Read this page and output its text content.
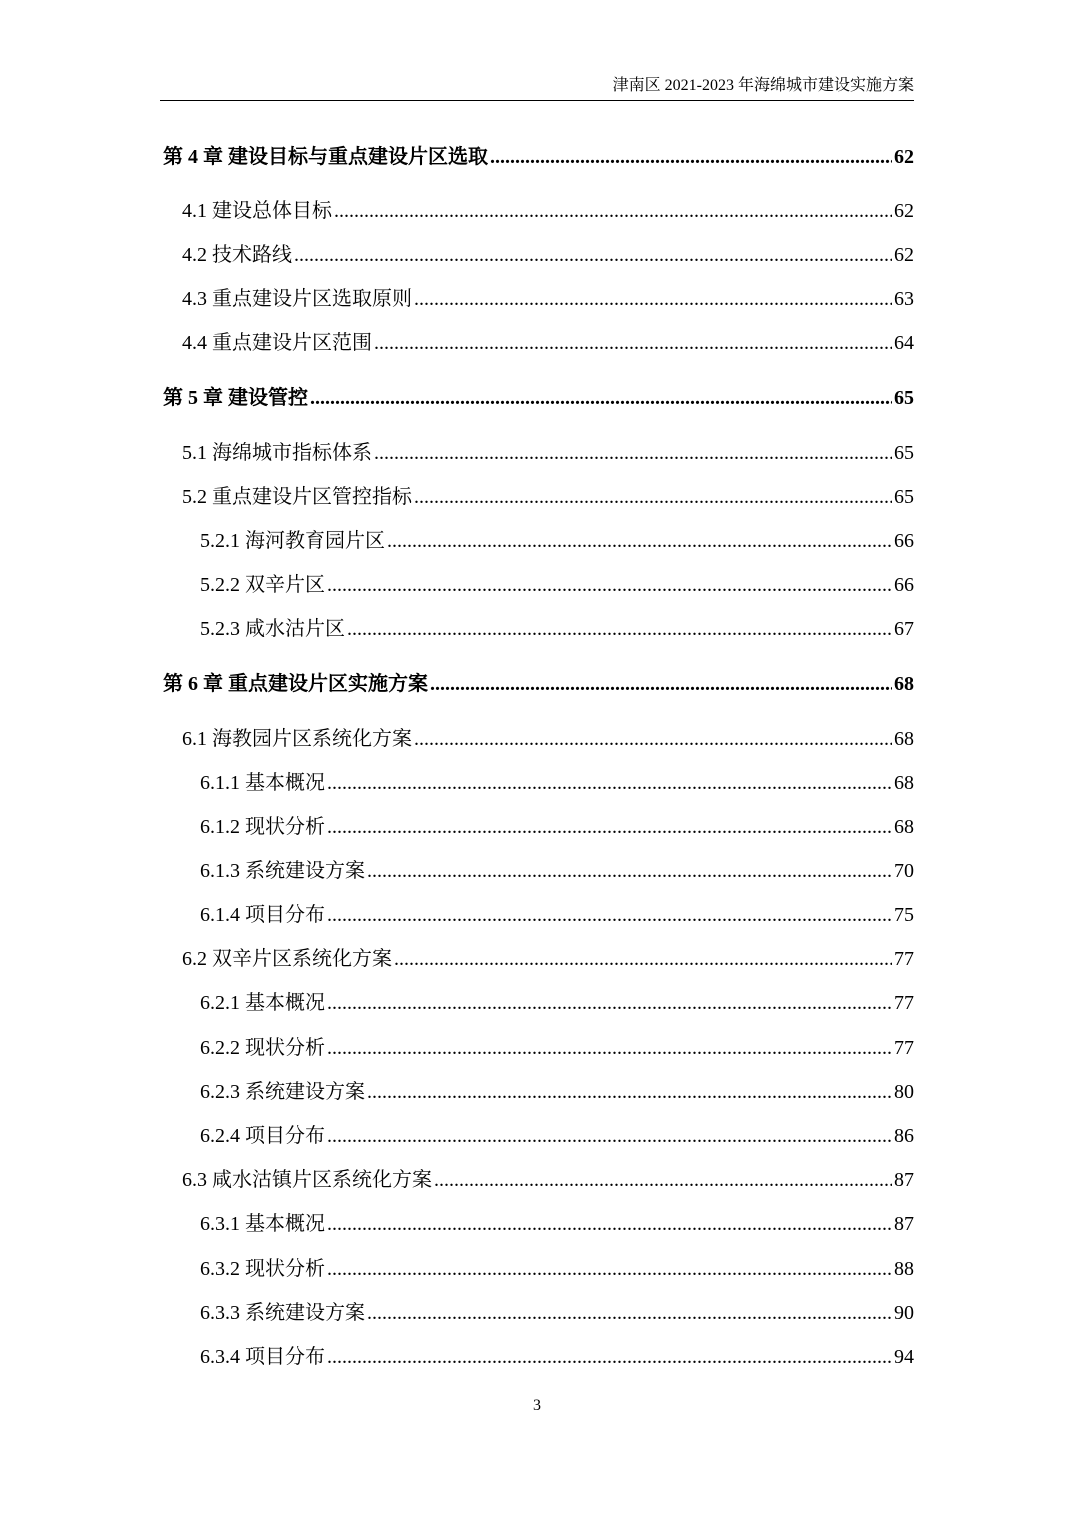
津南区 2021-2023 年海绵城市建设实施方案
第 4 章 建设目标与重点建设片区选取 .....	62
4.1 建设总体目标 .....	62
4.2 技术路线 .....	62
4.3 重点建设片区选取原则 .....	63
4.4 重点建设片区范围 .....	64
第 5 章 建设管控 .....	65
5.1 海绵城市指标体系 .....	65
5.2 重点建设片区管控指标 .....	65
5.2.1 海河教育园片区 .....	66
5.2.2 双辛片区 .....	66
5.2.3 咸水沽片区 .....	67
第 6 章 重点建设片区实施方案 .....	68
6.1 海教园片区系统化方案 .....	68
6.1.1 基本概况 .....	68
6.1.2 现状分析 .....	68
6.1.3 系统建设方案 .....	70
6.1.4 项目分布 .....	75
6.2 双辛片区系统化方案 .....	77
6.2.1 基本概况 .....	77
6.2.2 现状分析 .....	77
6.2.3 系统建设方案 .....	80
6.2.4 项目分布 .....	86
6.3 咸水沽镇片区系统化方案 .....	87
6.3.1 基本概况 .....	87
6.3.2 现状分析 .....	88
6.3.3 系统建设方案 .....	90
6.3.4 项目分布 .....	94
3
